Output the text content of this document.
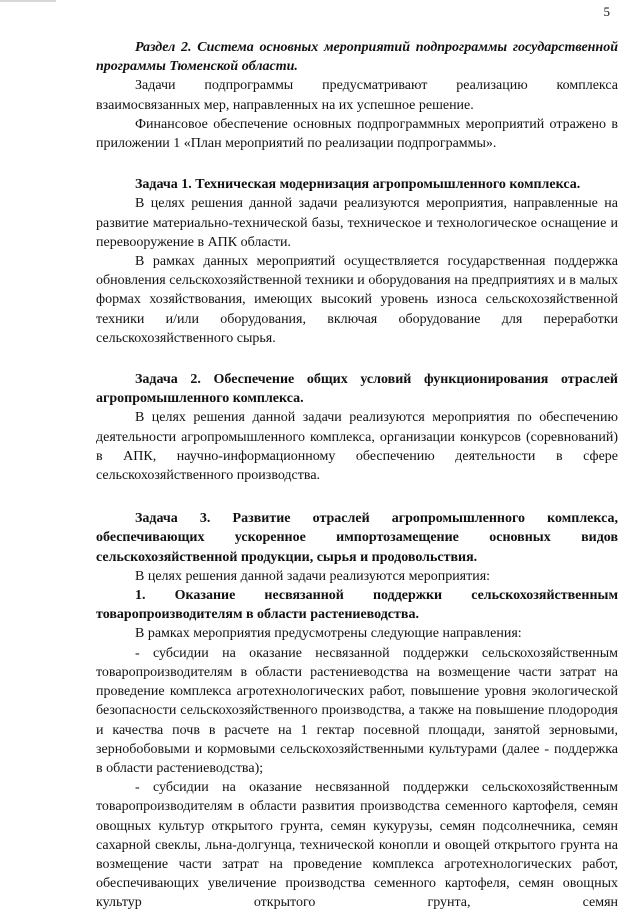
5

Раздел 2. Система основных мероприятий подпрограммы государственной программы Тюменской области.

Задачи подпрограммы предусматривают реализацию комплекса взаимосвязанных мер, направленных на их успешное решение.

Финансовое обеспечение основных подпрограммных мероприятий отражено в приложении 1 «План мероприятий по реализации подпрограммы».

Задача 1. Техническая модернизация агропромышленного комплекса.

В целях решения данной задачи реализуются мероприятия, направленные на развитие материально-технической базы, техническое и технологическое оснащение и перевооружение в АПК области.

В рамках данных мероприятий осуществляется государственная поддержка обновления сельскохозяйственной техники и оборудования на предприятиях и в малых формах хозяйствования, имеющих высокий уровень износа сельскохозяйственной техники и/или оборудования, включая оборудование для переработки сельскохозяйственного сырья.

Задача 2. Обеспечение общих условий функционирования отраслей агропромышленного комплекса.

В целях решения данной задачи реализуются мероприятия по обеспечению деятельности агропромышленного комплекса, организации конкурсов (соревнований) в АПК, научно-информационному обеспечению деятельности в сфере сельскохозяйственного производства.

Задача 3. Развитие отраслей агропромышленного комплекса, обеспечивающих ускоренное импортозамещение основных видов сельскохозяйственной продукции, сырья и продовольствия.

В целях решения данной задачи реализуются мероприятия:

1. Оказание несвязанной поддержки сельскохозяйственным товаропроизводителям в области растениеводства.

В рамках мероприятия предусмотрены следующие направления:

- субсидии на оказание несвязанной поддержки сельскохозяйственным товаропроизводителям в области растениеводства на возмещение части затрат на проведение комплекса агротехнологических работ, повышение уровня экологической безопасности сельскохозяйственного производства, а также на повышение плодородия и качества почв в расчете на 1 гектар посевной площади, занятой зерновыми, зернобобовыми и кормовыми сельскохозяйственными культурами (далее - поддержка в области растениеводства);

- субсидии на оказание несвязанной поддержки сельскохозяйственным товаропроизводителям в области развития производства семенного картофеля, семян овощных культур открытого грунта, семян кукурузы, семян подсолнечника, семян сахарной свеклы, льна-долгунца, технической конопли и овощей открытого грунта на возмещение части затрат на проведение комплекса агротехнологических работ, обеспечивающих увеличение производства семенного картофеля, семян овощных культур открытого грунта, семян
